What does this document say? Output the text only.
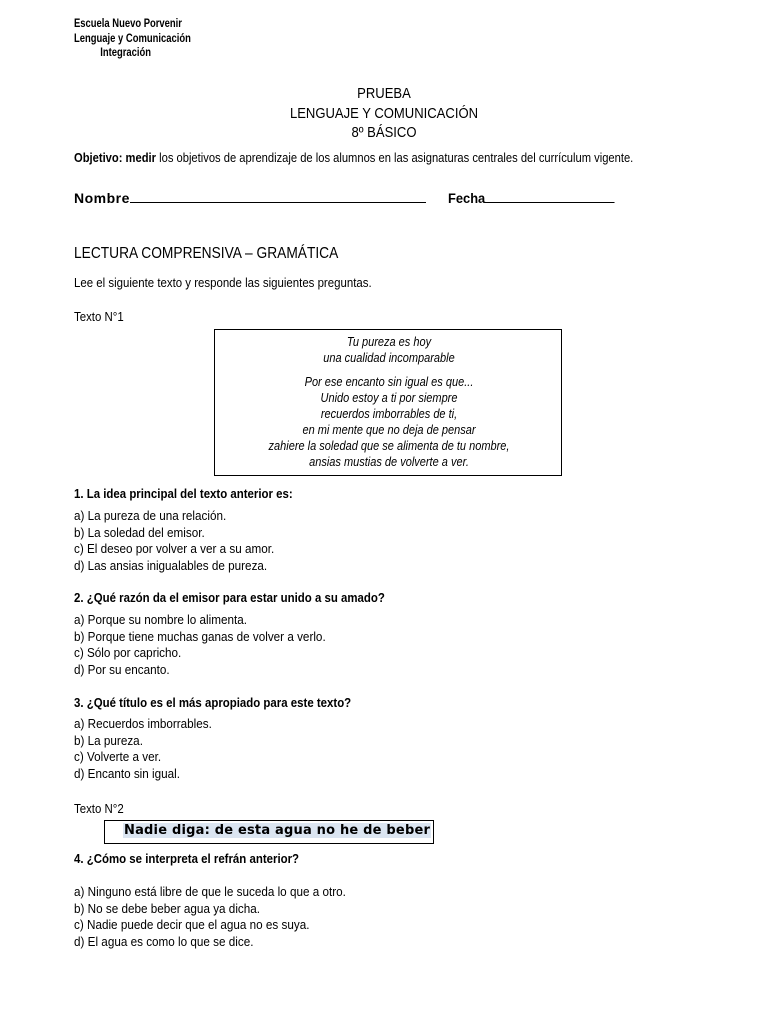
Escuela Nuevo Porvenir
Lenguaje y Comunicación
Integración
PRUEBA
LENGUAJE Y COMUNICACIÓN
8º BÁSICO
Objetivo: medir los objetivos de aprendizaje de los alumnos en las asignaturas centrales del currículum vigente.
Nombre	Fecha
LECTURA COMPRENSIVA – GRAMÁTICA
Lee el siguiente texto y responde las siguientes preguntas.
Texto N°1
Tu pureza es hoy
una cualidad incomparable
Por ese encanto sin igual es que...
Unido estoy a ti por siempre
recuerdos imborrables de ti,
en mi mente que no deja de pensar
zahiere la soledad que se alimenta de tu nombre,
ansias mustias de volverte a ver.
1. La idea principal del texto anterior es:
a) La pureza de una relación.
b) La soledad del emisor.
c) El deseo por volver a ver a su amor.
d) Las ansias inigualables de pureza.
2. ¿Qué razón da el emisor para estar unido a su amado?
a) Porque su nombre lo alimenta.
b) Porque tiene muchas ganas de volver a verlo.
c) Sólo por capricho.
d) Por su encanto.
3. ¿Qué título es el más apropiado para este texto?
a) Recuerdos imborrables.
b) La pureza.
c) Volverte a ver.
d) Encanto sin igual.
Texto N°2
Nadie diga: de esta agua no he de beber
4. ¿Cómo se interpreta el refrán anterior?
a) Ninguno está libre de que le suceda lo que a otro.
b) No se debe beber agua ya dicha.
c) Nadie puede decir que el agua no es suya.
d) El agua es como lo que se dice.
